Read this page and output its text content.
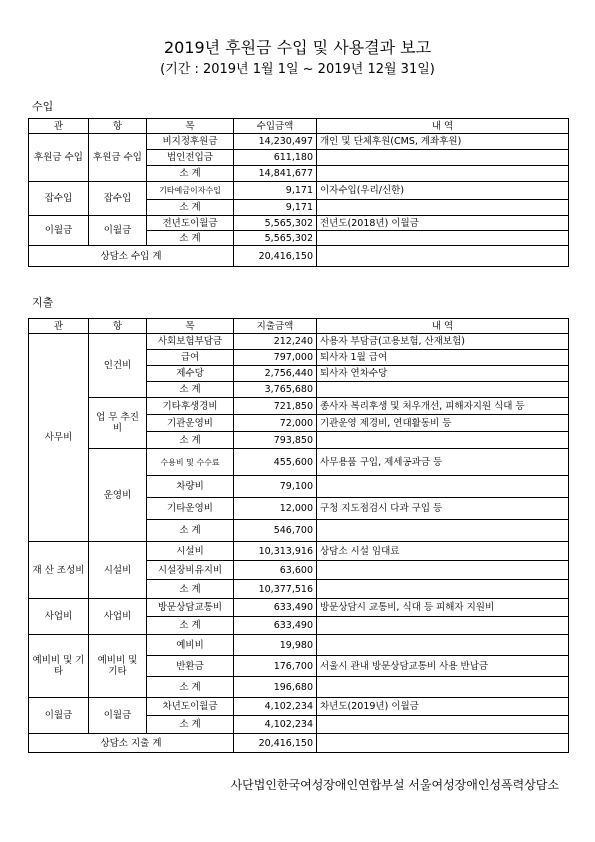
2019년 후원금 수입 및 사용결과 보고
(기간 : 2019년 1월 1일 ~ 2019년 12월 31일)
수입
관	항	목	수입금액	내 역
후원금 수입	후원금 수입	비지정후원금	14,230,497	개인 및 단체후원(CMS, 계좌후원)
		법인전입금	611,180	
		소 계	14,841,677	
잡수입	잡수입	기타예금이자수입	9,171	이자수입(우리/신한)
		소 계	9,171	
이월금	이월금	전년도이월금	5,565,302	전년도(2018년) 이월금
		소 계	5,565,302	
상담소 수입 계			20,416,150	
지출
관	항	목	지출금액	내 역
사무비	인건비	사회보험부담금	212,240	사용자 부담금(고용보험, 산재보험)
		급여	797,000	퇴사자 1월 급여
		제수당	2,756,440	퇴사자 연차수당
		소 계	3,765,680	
	업 무 추진비	기타후생경비	721,850	종사자 복리후생 및 처우개선, 피해자지원 식대 등
		기관운영비	72,000	기관운영 제경비, 연대활동비 등
		소 계	793,850	
	운영비	수용비 및 수수료	455,600	사무용품 구입, 제세공과금 등
		차량비	79,100	
		기타운영비	12,000	구청 지도점검시 다과 구입 등
		소 계	546,700	
재 산 조성비	시설비	시설비	10,313,916	상담소 시설 임대료
		시설장비유지비	63,600	
		소 계	10,377,516	
사업비	사업비	방문상담교통비	633,490	방문상담시 교통비, 식대 등 피해자 지원비
		소 계	633,490	
예비비 및 기타	예비비 및 기타	예비비	19,980	
		반환금	176,700	서울시 관내 방문상담교통비 사용 반납금
		소 계	196,680	
이월금	이월금	차년도이월금	4,102,234	차년도(2019년) 이월금
		소 계	4,102,234	
상담소 지출 계			20,416,150	
사단법인한국여성장애인연합부설 서울여성장애인성폭력상담소
